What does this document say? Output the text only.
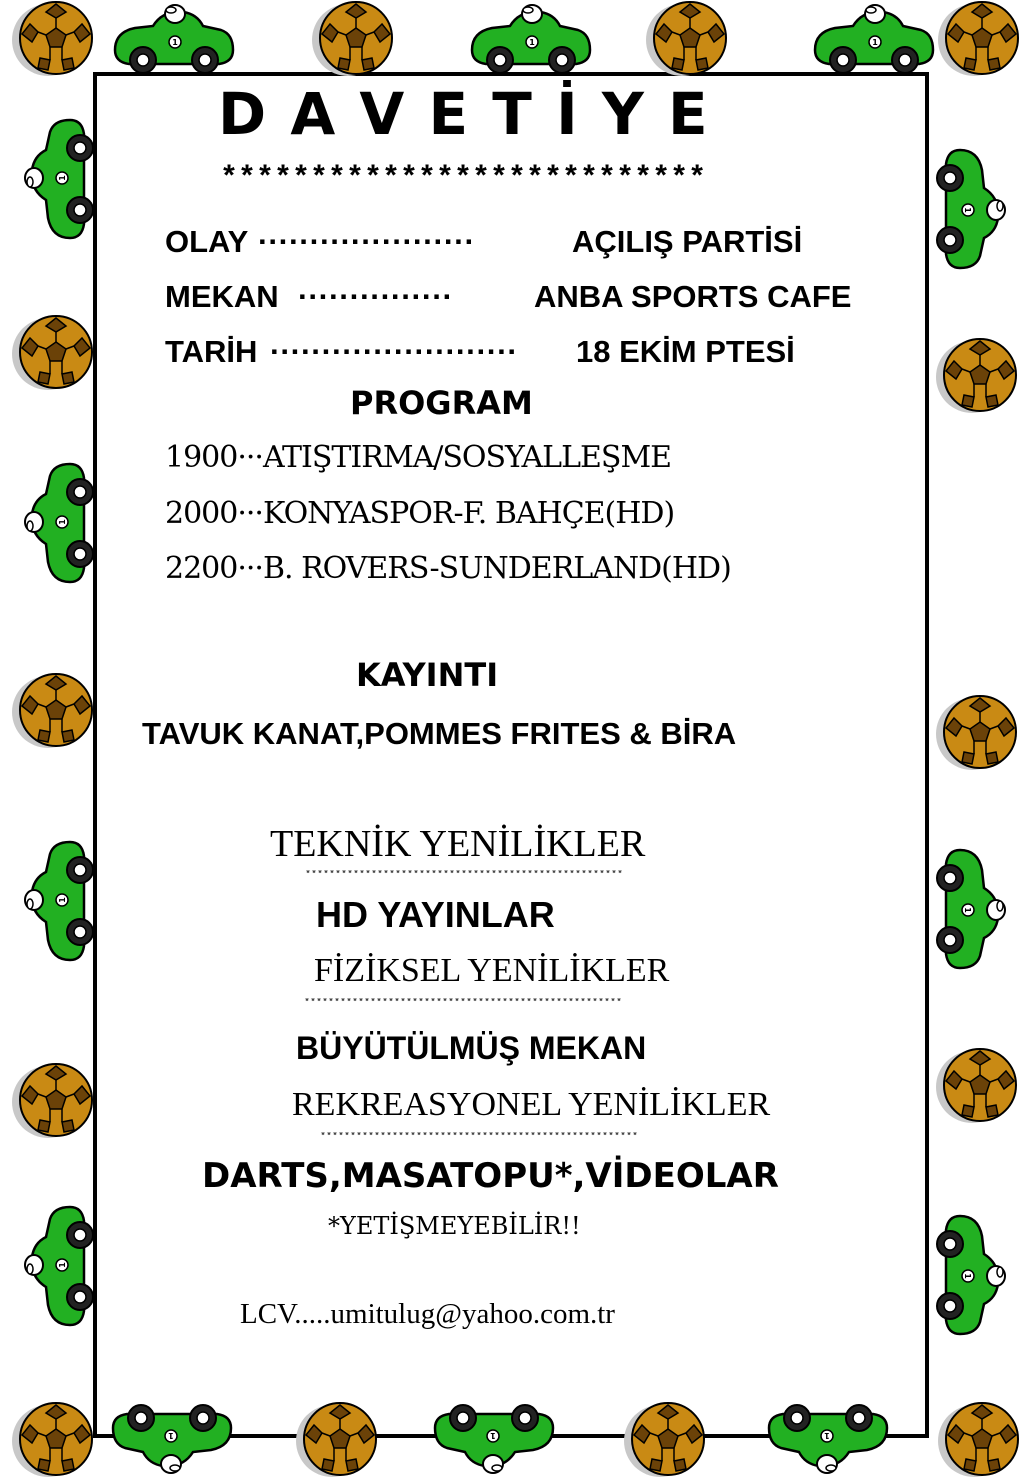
D A V E T İ Y E
***************************
OLAY ·····················	AÇILIŞ PARTİSİ
MEKAN ···············	ANBA SPORTS CAFE
TARİH ························	18 EKİM PTESİ
PROGRAM
1900···ATIŞTIRMA/SOSYALLEŞME
2000···KONYASPOR-F. BAHÇE(HD)
2200···B. ROVERS-SUNDERLAND(HD)
KAYINTI
TAVUK KANAT,POMMES FRITES & BİRA
TEKNİK YENİLİKLER
*****************************************************
HD YAYINLAR
FİZİKSEL YENİLİKLER
*****************************************************
BÜYÜTÜLMÜŞ MEKAN
REKREASYONEL YENİLİKLER
*****************************************************
DARTS,MASATOPU*,VİDEOLAR
*YETİŞMEYEBİLİR!!
LCV.....umitulug@yahoo.com.tr
